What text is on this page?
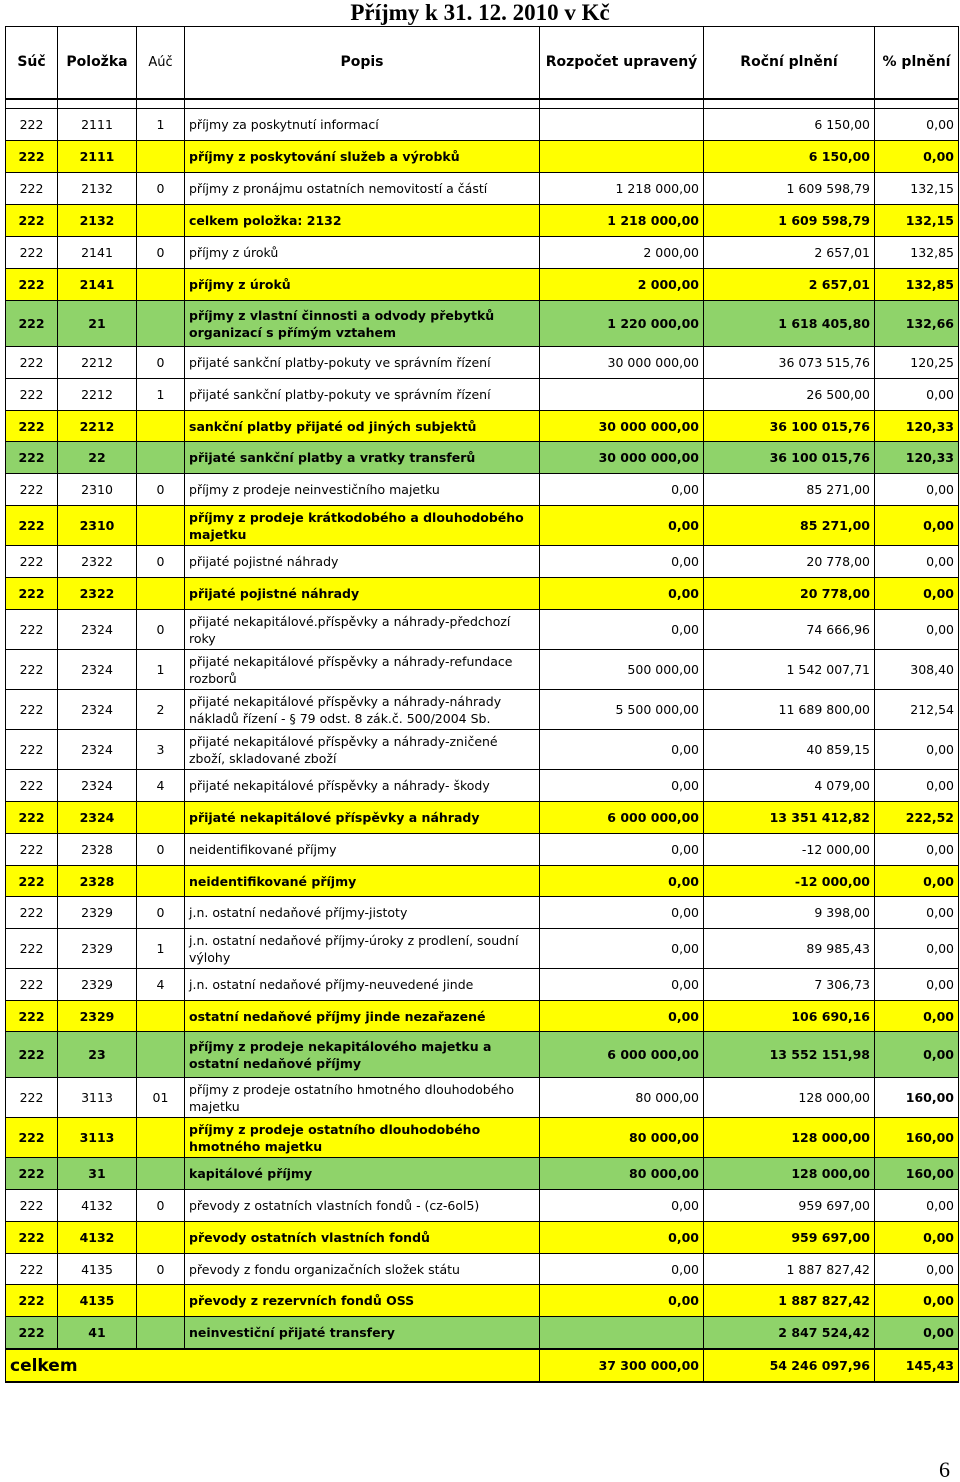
Příjmy k 31. 12. 2010 v Kč
Súč	Položka	Aúč	Popis	Rozpočet upravený	Roční plnění	% plnění

222	2111	1	příjmy za poskytnutí informací		6 150,00	0,00
222	2111		příjmy z poskytování služeb a výrobků		6 150,00	0,00
222	2132	0	příjmy z pronájmu ostatních nemovitostí a částí	1 218 000,00	1 609 598,79	132,15
222	2132		celkem položka: 2132	1 218 000,00	1 609 598,79	132,15
222	2141	0	příjmy z úroků	2 000,00	2 657,01	132,85
222	2141		příjmy z úroků	2 000,00	2 657,01	132,85
222	21		příjmy z vlastní činnosti a odvody přebytků organizací s přímým vztahem	1 220 000,00	1 618 405,80	132,66
222	2212	0	přijaté sankční platby-pokuty ve správním řízení	30 000 000,00	36 073 515,76	120,25
222	2212	1	přijaté sankční platby-pokuty ve správním řízení		26 500,00	0,00
222	2212		sankční platby přijaté od jiných subjektů	30 000 000,00	36 100 015,76	120,33
222	22		přijaté sankční platby a vratky transferů	30 000 000,00	36 100 015,76	120,33
222	2310	0	příjmy z prodeje neinvestičního majetku	0,00	85 271,00	0,00
222	2310		příjmy z prodeje krátkodobého a dlouhodobého majetku	0,00	85 271,00	0,00
222	2322	0	přijaté pojistné náhrady	0,00	20 778,00	0,00
222	2322		přijaté pojistné náhrady	0,00	20 778,00	0,00
222	2324	0	přijaté nekapitálové.příspěvky a náhrady-předchozí roky	0,00	74 666,96	0,00
222	2324	1	přijaté nekapitálové příspěvky a náhrady-refundace rozborů	500 000,00	1 542 007,71	308,40
222	2324	2	přijaté nekapitálové příspěvky a náhrady-náhrady nákladů řízení - § 79 odst. 8 zák.č. 500/2004 Sb.	5 500 000,00	11 689 800,00	212,54
222	2324	3	přijaté nekapitálové příspěvky a náhrady-zničené zboží, skladované zboží	0,00	40 859,15	0,00
222	2324	4	přijaté nekapitálové příspěvky a náhrady- škody	0,00	4 079,00	0,00
222	2324		přijaté nekapitálové příspěvky a náhrady	6 000 000,00	13 351 412,82	222,52
222	2328	0	neidentifikované příjmy	0,00	-12 000,00	0,00
222	2328		neidentifikované příjmy	0,00	-12 000,00	0,00
222	2329	0	j.n. ostatní nedaňové příjmy-jistoty	0,00	9 398,00	0,00
222	2329	1	j.n. ostatní nedaňové příjmy-úroky z prodlení, soudní výlohy	0,00	89 985,43	0,00
222	2329	4	j.n. ostatní nedaňové příjmy-neuvedené jinde	0,00	7 306,73	0,00
222	2329		ostatní nedaňové příjmy jinde nezařazené	0,00	106 690,16	0,00
222	23		příjmy z prodeje nekapitálového majetku a ostatní nedaňové příjmy	6 000 000,00	13 552 151,98	0,00
222	3113	01	příjmy z prodeje ostatního hmotného dlouhodobého majetku	80 000,00	128 000,00	160,00
222	3113		příjmy z prodeje ostatního dlouhodobého hmotného majetku	80 000,00	128 000,00	160,00
222	31		kapitálové příjmy	80 000,00	128 000,00	160,00
222	4132	0	převody z ostatních vlastních fondů - (cz-6ol5)	0,00	959 697,00	0,00
222	4132		převody ostatních vlastních fondů	0,00	959 697,00	0,00
222	4135	0	převody z fondu organizačních složek státu	0,00	1 887 827,42	0,00
222	4135		převody z rezervních fondů OSS	0,00	1 887 827,42	0,00
222	41		neinvestiční přijaté transfery		2 847 524,42	0,00
celkem				37 300 000,00	54 246 097,96	145,43
6
